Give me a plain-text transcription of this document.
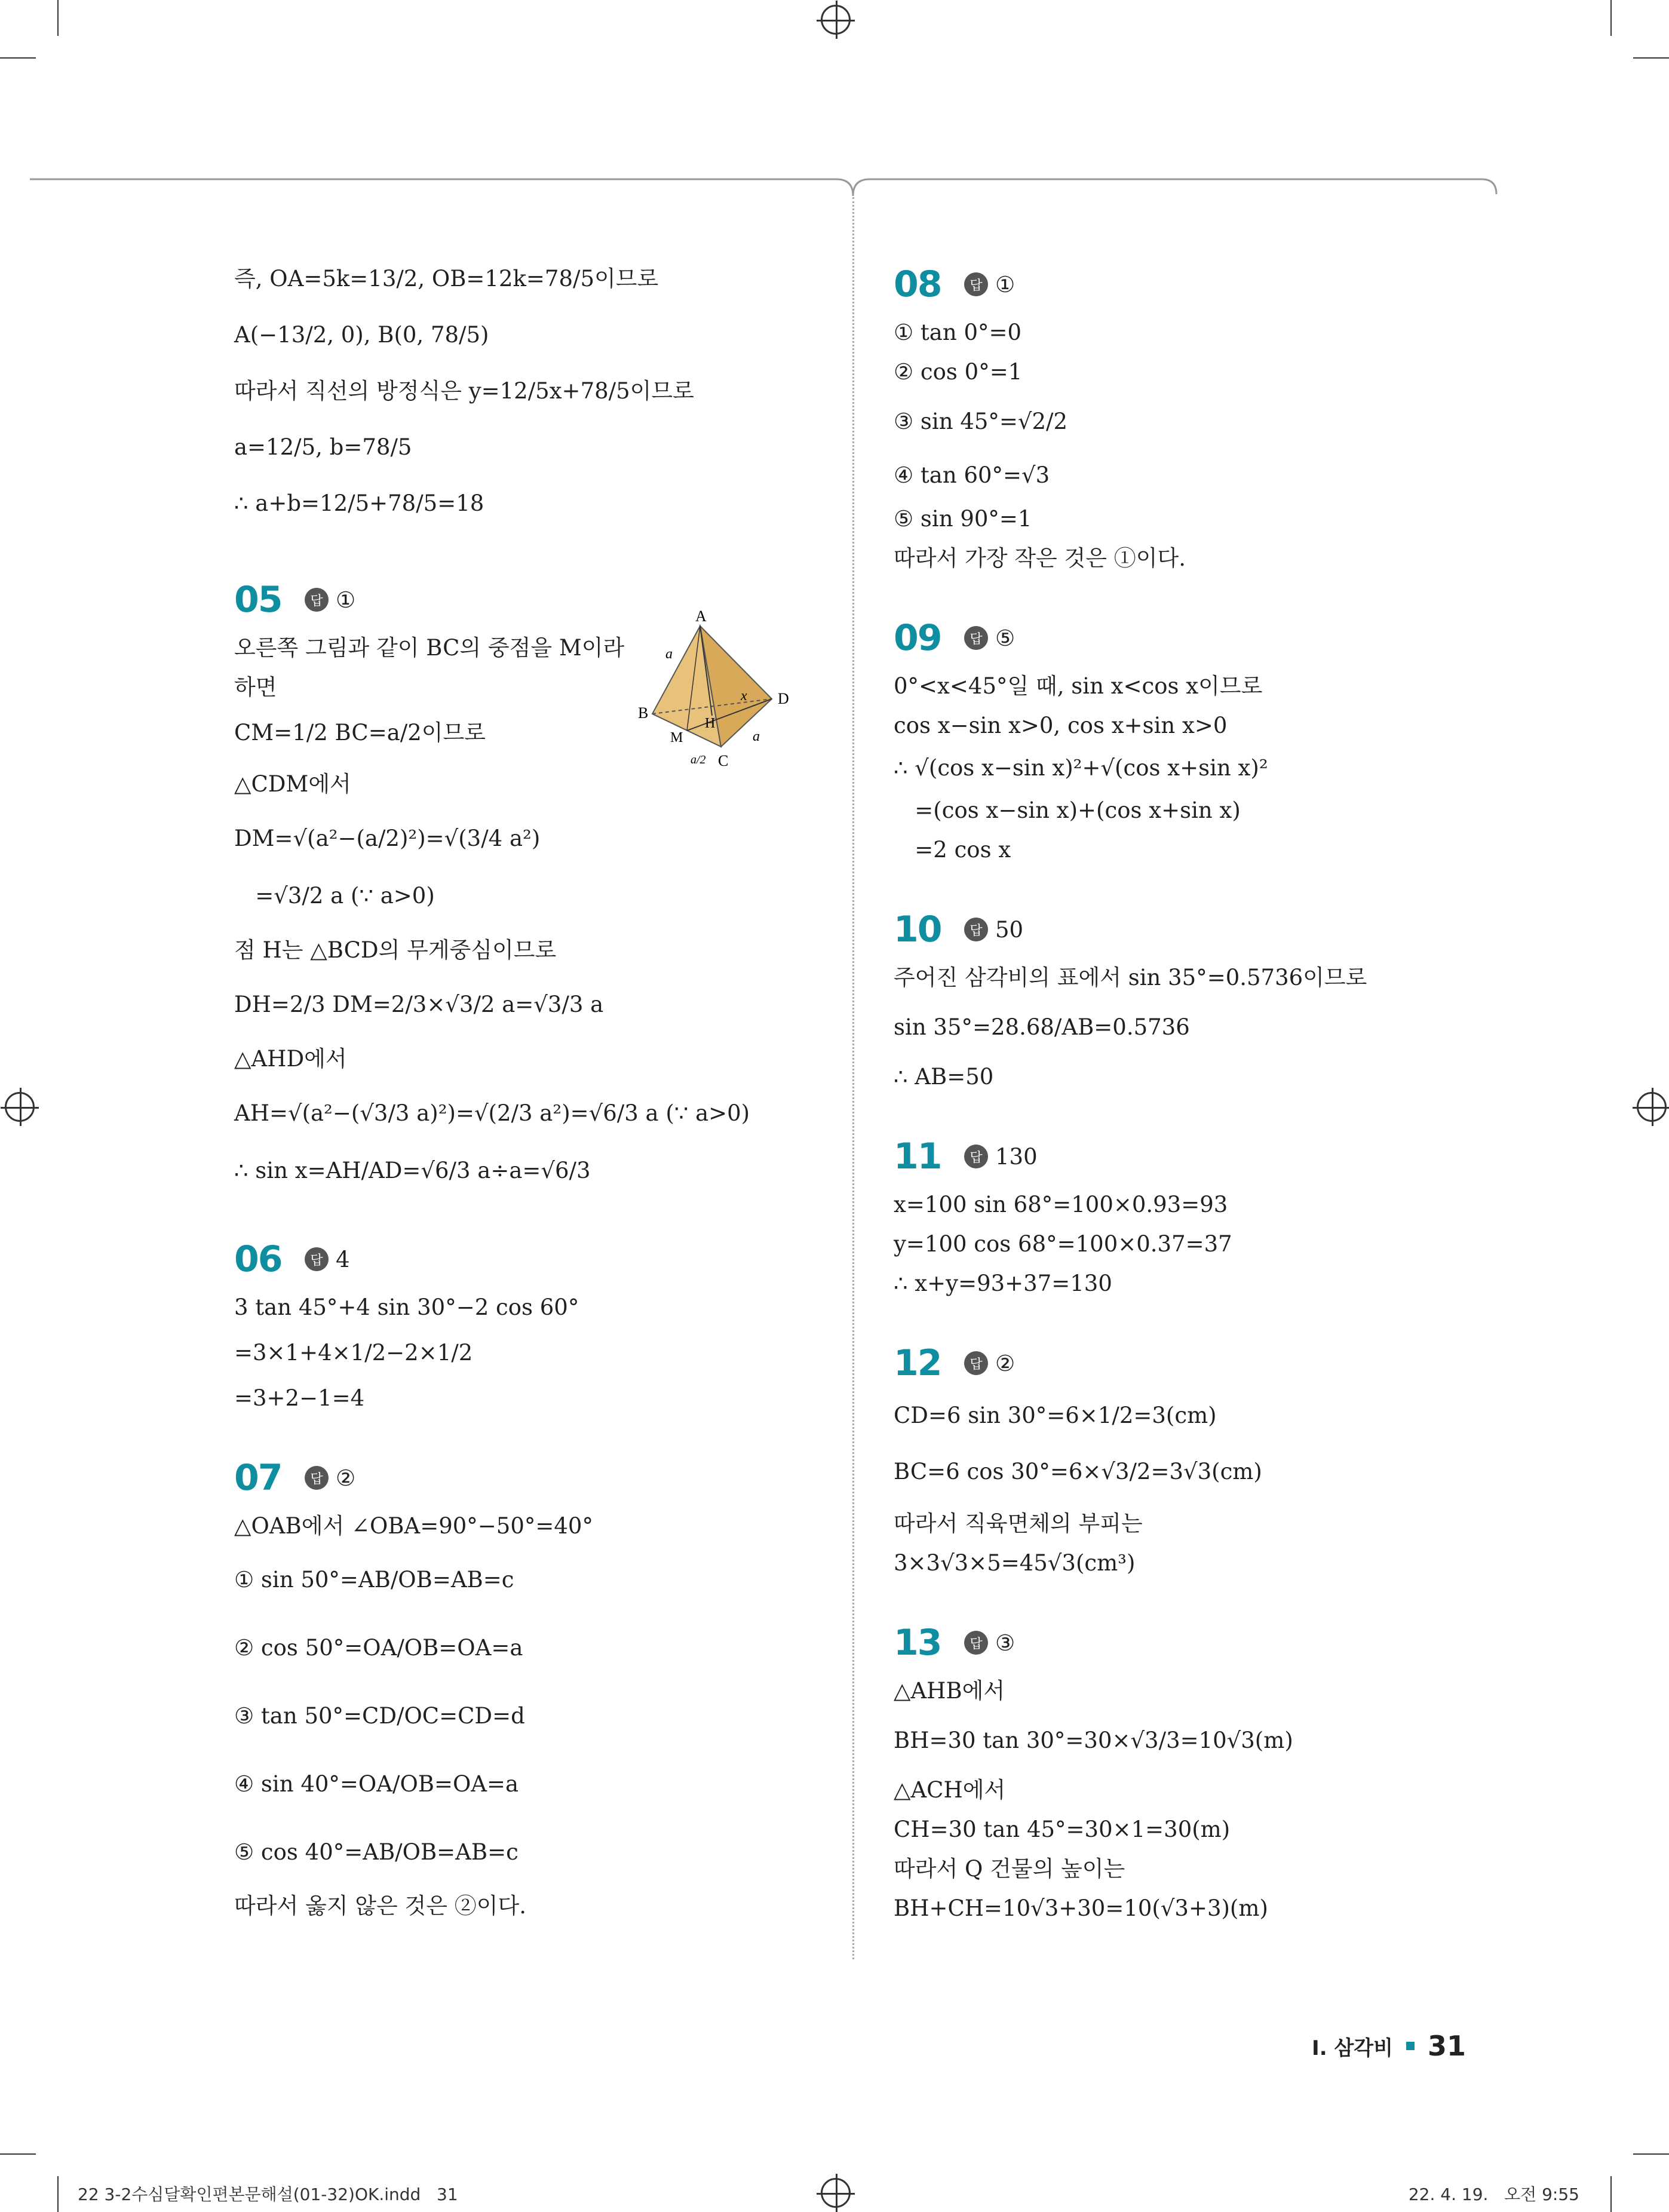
즉, OA=5k=13/2, OB=12k=78/5이므로
A(−13/2, 0), B(0, 78/5)
따라서 직선의 방정식은 y=12/5x+78/5이므로
a=12/5, b=78/5
∴ a+b=12/5+78/5=18
05	답 ①
오른쪽 그림과 같이 BC의 중점을 M이라
하면
CM=1/2 BC=a/2이므로
△CDM에서
DM=√(a²−(a/2)²)=√(3/4 a²)
=√3/2 a (∵ a>0)
점 H는 △BCD의 무게중심이므로
DH=2/3 DM=2/3×√3/2 a=√3/3 a
△AHD에서
AH=√(a²−(√3/3 a)²)=√(2/3 a²)=√6/3 a (∵ a>0)
∴ sin x=AH/AD=√6/3 a÷a=√6/3
A
B
C
D
H
M
a
a
x
a/2
06	답 4
3 tan 45°+4 sin 30°−2 cos 60°
=3×1+4×1/2−2×1/2
=3+2−1=4
07	답 ②
△OAB에서 ∠OBA=90°−50°=40°
① sin 50°=AB/OB=AB=c
② cos 50°=OA/OB=OA=a
③ tan 50°=CD/OC=CD=d
④ sin 40°=OA/OB=OA=a
⑤ cos 40°=AB/OB=AB=c
따라서 옳지 않은 것은 ②이다.
08	답 ①
① tan 0°=0
② cos 0°=1
③ sin 45°=√2/2
④ tan 60°=√3
⑤ sin 90°=1
따라서 가장 작은 것은 ①이다.
09	답 ⑤
0°<x<45°일 때, sin x<cos x이므로
cos x−sin x>0, cos x+sin x>0
∴ √(cos x−sin x)²+√(cos x+sin x)²
=(cos x−sin x)+(cos x+sin x)
=2 cos x
10	답 50
주어진 삼각비의 표에서 sin 35°=0.5736이므로
sin 35°=28.68/AB=0.5736
∴ AB=50
11	답 130
x=100 sin 68°=100×0.93=93
y=100 cos 68°=100×0.37=37
∴ x+y=93+37=130
12	답 ②
CD=6 sin 30°=6×1/2=3(cm)
BC=6 cos 30°=6×√3/2=3√3(cm)
따라서 직육면체의 부피는
3×3√3×5=45√3(cm³)
13	답 ③
△AHB에서
BH=30 tan 30°=30×√3/3=10√3(m)
△ACH에서
CH=30 tan 45°=30×1=30(m)
따라서 Q 건물의 높이는
BH+CH=10√3+30=10(√3+3)(m)
I. 삼각비 31
22 3-2수심달확인편본문해설(01-32)OK.indd   31	22. 4. 19.   오전 9:55
